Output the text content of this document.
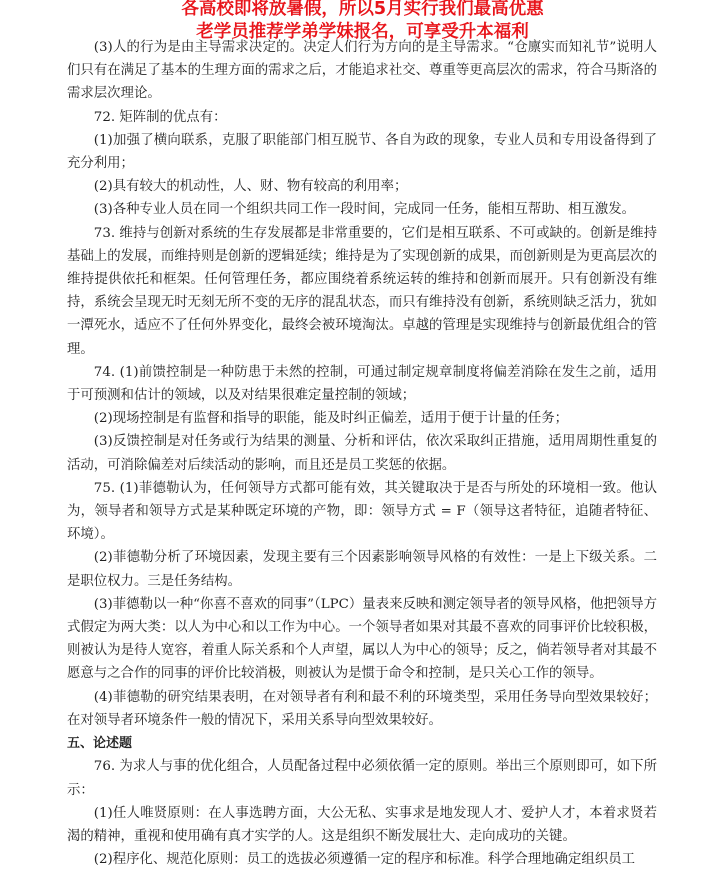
各高校即将放暑假，所以5月实行我们最高优惠
老学员推荐学弟学妹报名，可享受升本福利

(3)人的行为是由主导需求决定的。决定人们行为方向的是主导需求。“仓廪实而知礼节”说明人们只有在满足了基本的生理方面的需求之后，才能追求社交、尊重等更高层次的需求，符合马斯洛的需求层次理论。

72. 矩阵制的优点有：

(1)加强了横向联系，克服了职能部门相互脱节、各自为政的现象，专业人员和专用设备得到了充分利用；

(2)具有较大的机动性，人、财、物有较高的利用率；

(3)各种专业人员在同一个组织共同工作一段时间，完成同一任务，能相互帮助、相互激发。

73. 维持与创新对系统的生存发展都是非常重要的，它们是相互联系、不可或缺的。创新是维持基础上的发展，而维持则是创新的逻辑延续；维持是为了实现创新的成果，而创新则是为更高层次的维持提供依托和框架。任何管理任务，都应围绕着系统运转的维持和创新而展开。只有创新没有维持，系统会呈现无时无刻无所不变的无序的混乱状态，而只有维持没有创新，系统则缺乏活力，犹如一潭死水，适应不了任何外界变化，最终会被环境淘汰。卓越的管理是实现维持与创新最优组合的管理。

74. (1)前馈控制是一种防患于未然的控制，可通过制定规章制度将偏差消除在发生之前，适用于可预测和估计的领域，以及对结果很难定量控制的领域；

(2)现场控制是有监督和指导的职能，能及时纠正偏差，适用于便于计量的任务；

(3)反馈控制是对任务或行为结果的测量、分析和评估，依次采取纠正措施，适用周期性重复的活动，可消除偏差对后续活动的影响，而且还是员工奖惩的依据。

75. (1)菲德勒认为，任何领导方式都可能有效，其关键取决于是否与所处的环境相一致。他认为，领导者和领导方式是某种既定环境的产物，即：领导方式 = F（领导这者特征，追随者特征、环境）。

(2)菲德勒分析了环境因素，发现主要有三个因素影响领导风格的有效性：一是上下级关系。二是职位权力。三是任务结构。

(3)菲德勒以一种“你喜不喜欢的同事”（LPC）量表来反映和测定领导者的领导风格，他把领导方式假定为两大类：以人为中心和以工作为中心。一个领导者如果对其最不喜欢的同事评价比较积极，则被认为是待人宽容，着重人际关系和个人声望，属以人为中心的领导；反之，倘若领导者对其最不愿意与之合作的同事的评价比较消极，则被认为是惯于命令和控制，是只关心工作的领导。

(4)菲德勒的研究结果表明，在对领导者有利和最不利的环境类型，采用任务导向型效果较好；在对领导者环境条件一般的情况下，采用关系导向型效果较好。

五、论述题

76. 为求人与事的优化组合，人员配备过程中必须依循一定的原则。举出三个原则即可，如下所示：

(1)任人唯贤原则：在人事选聘方面，大公无私、实事求是地发现人才、爱护人才，本着求贤若渴的精神，重视和使用确有真才实学的人。这是组织不断发展壮大、走向成功的关键。

(2)程序化、规范化原则：员工的选拔必须遵循一定的程序和标准。科学合理地确定组织员工
